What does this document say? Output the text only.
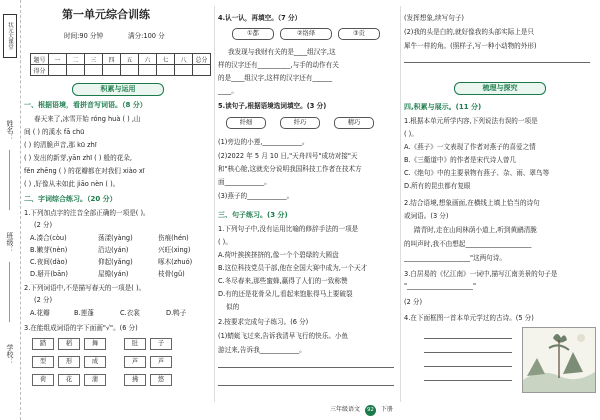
状元大课堂
姓名：
班级：
学校：
第一单元综合训练
时间:90 分钟	满分:100 分
题号	一	二	三	四	五	六	七	八	总分
得分									
积累与运用
一、根据语境，看拼音写词语。（8 分）
春天来了,冰雪开始 róng huà ( ) ,山
间 ( ) 的溪水 fā chū
( ) 的清脆声音,那 kū zhī
( ) 发出的新芽,yān zhī ( ) 般的花朵,
fěn zhēng ( ) 的花瓣都在对我们 xiào xī
( ) ,好像从未如此 jiāo nèn ( )。
二、字词综合练习。（20 分）
1.下列加点字的注音全部正确的一项是( )。
(2 分)
A.凑合(còu)	荡漾(yàng)	伤痕(hén)
B.嫩芽(nèn)	沿边(yán)	兴旺(xìng)
C.夜间(dào)	仰起(yǎng)	啄木(zhuó)
D.掰开(bān)	屋檐(yán)	枝骨(gǔ)
2.下列词语中,不是描写春天的一项是( )。
(2 分)
A.花瓣	B.莲蓬	C.衣裳	D.鸭子
3.在能组成词语的字下面画"√"。(6 分)
踏	稻	舞	肚	子
型	形	成	芦	芦
荷	花	蒲	拂	悠
4.认一认，再填空。（7 分）
①都	②络绎	③贡
我发现与我财有关的是____组汉字,这
样的汉字还有__________,与手的动作有关
的是____组汉字,这样的汉字还有______
____。
5.读句子,根据语境选词填空。(3 分)
纤细	纤巧	精巧
(1)旁边的小莲,____________。
(2)2022 年 5 月 10 日,"天舟四号"成功对接"天
和"核心舱,这就充分说明我国科技工作者在技术方
面____________。
(3)燕子的____________。
三、句子练习。(3 分)
1.下列句子中,没有运用比喻的修辞手法的一项是
( )。
A.荷叶挨挨挤挤的,像一个个碧绿的大圆盘
B.这位科技党员干部,他在全国大赛中成为,一个天才
C.冬尽春来,那些蜜蜂,赢得了人们的一致称赞
D.有的还是花骨朵儿,看起来饱胀得马上要破裂
似的
2.按要求完成句子练习。(6 分)
(1)蜻蜓飞过来,告诉我清早飞行的快乐。小鱼
游过来,告诉我____________。
(发挥想象,续写句子)
(2)我的头是白的,就好像我的头部实际上是只
犀牛一样的角。(照样子,写一种小动物的外形)
梳理与探究
四,积累与展示。(11 分)
1.根据本单元所学内容,下列说法有误的一项是
( )。
A.《燕子》一文表现了作者对燕子的喜爱之情
B.《三衢道中》的作者是宋代诗人曾几
C.《绝句》中的主要景物有燕子、杂、雨、翠鸟等
D.所有的昆虫都有复眼
2.结合语境,想象画面,在横线上填上恰当的诗句
或词语。(3 分)
踏青时,走在山间林荫小道上,听到黄鹂清脆
的叫声时,我不由想起____________________
____________________"这两句诗。
3.白居易的《忆江南》一词中,描写江南美景的句子是
"____________________"
(2 分)
4.在下面框图一首本单元学过的古诗。(5 分)
三年级语文 92 下册
